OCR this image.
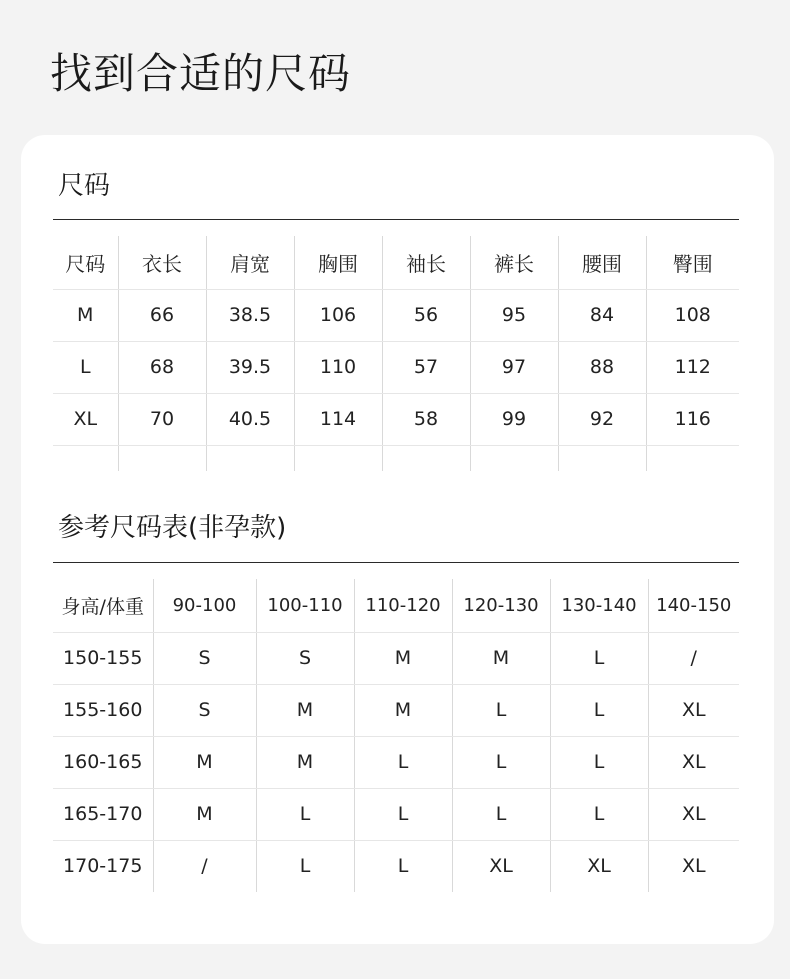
找到合适的尺码
尺码
尺码	衣长	肩宽	胸围	袖长	裤长	腰围	臀围
M	66	38.5	106	56	95	84	108
L	68	39.5	110	57	97	88	112
XL	70	40.5	114	58	99	92	116

参考尺码表(非孕款)
身高/体重	90-100	100-110	110-120	120-130	130-140	140-150
150-155	S	S	M	M	L	/
155-160	S	M	M	L	L	XL
160-165	M	M	L	L	L	XL
165-170	M	L	L	L	L	XL
170-175	/	L	L	XL	XL	XL
